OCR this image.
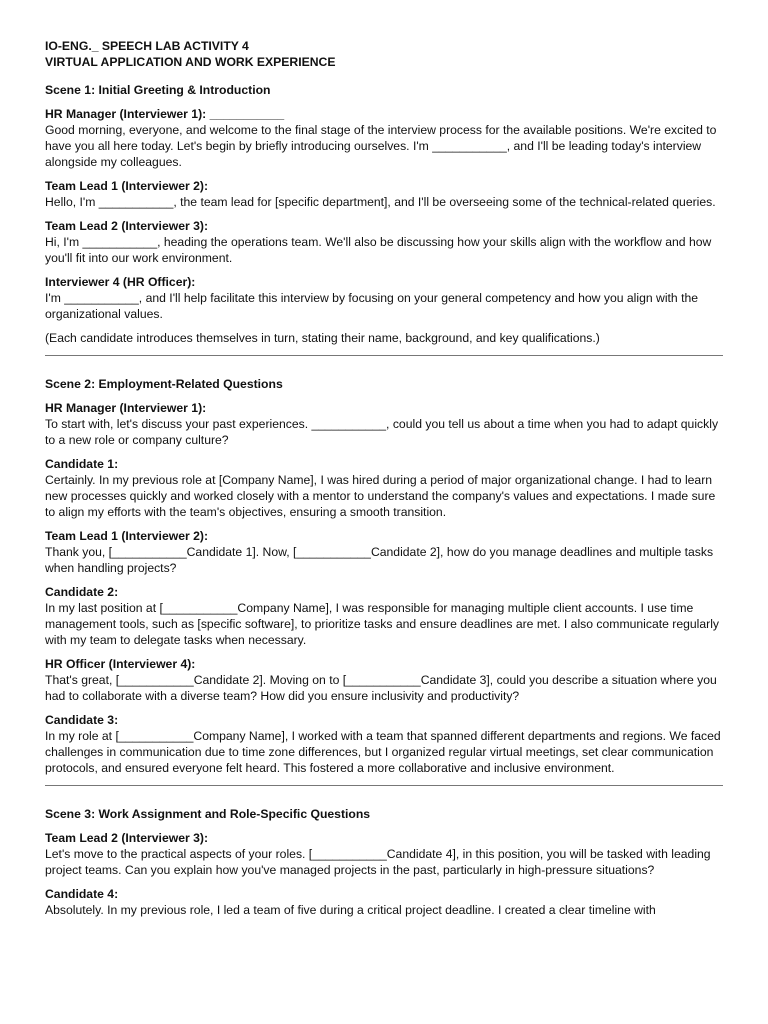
IO-ENG._ SPEECH LAB ACTIVITY 4

VIRTUAL APPLICATION AND WORK EXPERIENCE

Scene 1: Initial Greeting & Introduction

HR Manager (Interviewer 1): ___________
Good morning, everyone, and welcome to the final stage of the interview process for the available positions. We're excited to have you all here today. Let's begin by briefly introducing ourselves. I'm ___________, and I'll be leading today's interview alongside my colleagues.
Team Lead 1 (Interviewer 2):
Hello, I'm ___________, the team lead for [specific department], and I'll be overseeing some of the technical-related queries.
Team Lead 2 (Interviewer 3):
Hi, I'm ___________, heading the operations team. We'll also be discussing how your skills align with the workflow and how you'll fit into our work environment.
Interviewer 4 (HR Officer):
I'm ___________, and I'll help facilitate this interview by focusing on your general competency and how you align with the organizational values.
(Each candidate introduces themselves in turn, stating their name, background, and key qualifications.)

Scene 2: Employment-Related Questions

HR Manager (Interviewer 1):
To start with, let's discuss your past experiences. ___________, could you tell us about a time when you had to adapt quickly to a new role or company culture?
Candidate 1:
Certainly. In my previous role at [Company Name], I was hired during a period of major organizational change. I had to learn new processes quickly and worked closely with a mentor to understand the company's values and expectations. I made sure to align my efforts with the team's objectives, ensuring a smooth transition.
Team Lead 1 (Interviewer 2):
Thank you, [___________Candidate 1]. Now, [___________Candidate 2], how do you manage deadlines and multiple tasks when handling projects?
Candidate 2:
In my last position at [___________Company Name], I was responsible for managing multiple client accounts. I use time management tools, such as [specific software], to prioritize tasks and ensure deadlines are met. I also communicate regularly with my team to delegate tasks when necessary.
HR Officer (Interviewer 4):
That's great, [___________Candidate 2]. Moving on to [___________Candidate 3], could you describe a situation where you had to collaborate with a diverse team? How did you ensure inclusivity and productivity?
Candidate 3:
In my role at [___________Company Name], I worked with a team that spanned different departments and regions. We faced challenges in communication due to time zone differences, but I organized regular virtual meetings, set clear communication protocols, and ensured everyone felt heard. This fostered a more collaborative and inclusive environment.

Scene 3: Work Assignment and Role-Specific Questions

Team Lead 2 (Interviewer 3):
Let's move to the practical aspects of your roles. [___________Candidate 4], in this position, you will be tasked with leading project teams. Can you explain how you've managed projects in the past, particularly in high-pressure situations?
Candidate 4:
Absolutely. In my previous role, I led a team of five during a critical project deadline. I created a clear timeline with
